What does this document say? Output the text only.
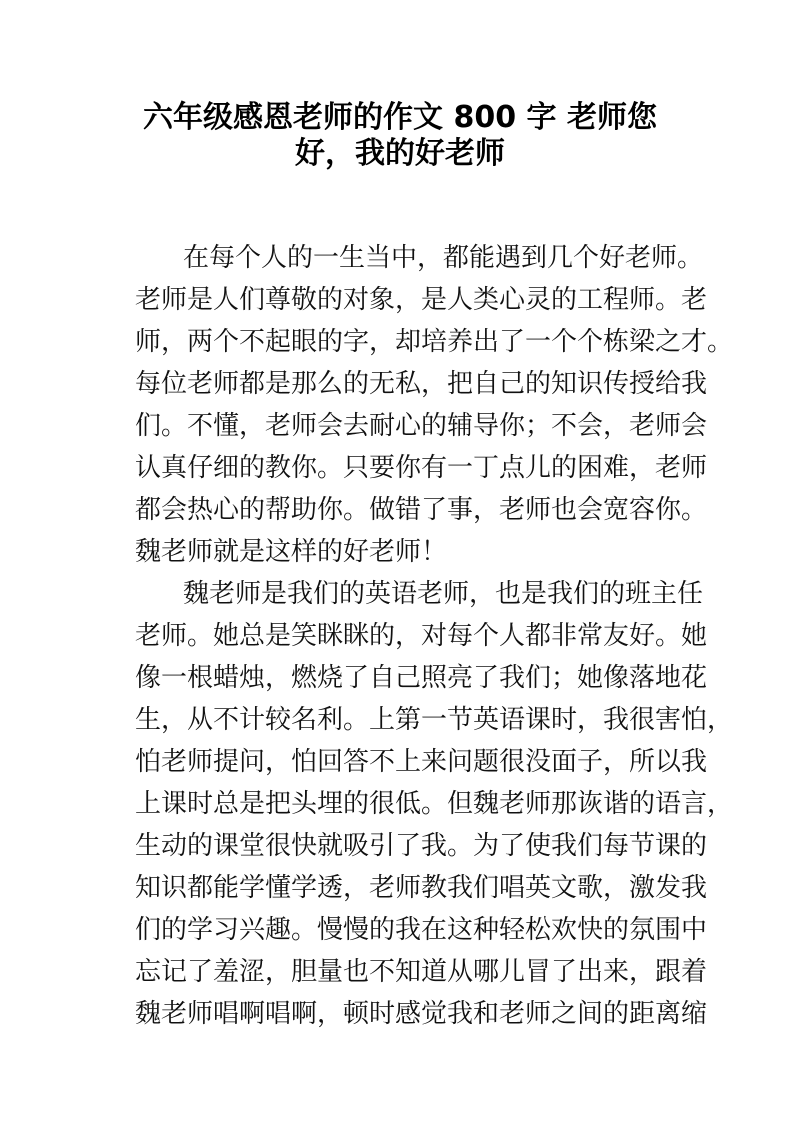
六年级感恩老师的作文 800 字 老师您
好，我的好老师
在每个人的一生当中，都能遇到几个好老师。
老师是人们尊敬的对象，是人类心灵的工程师。老
师，两个不起眼的字，却培养出了一个个栋梁之才。
每位老师都是那么的无私，把自己的知识传授给我
们。不懂，老师会去耐心的辅导你；不会，老师会
认真仔细的教你。只要你有一丁点儿的困难，老师
都会热心的帮助你。做错了事，老师也会宽容你。
魏老师就是这样的好老师！
魏老师是我们的英语老师，也是我们的班主任
老师。她总是笑眯眯的，对每个人都非常友好。她
像一根蜡烛，燃烧了自己照亮了我们；她像落地花
生，从不计较名利。上第一节英语课时，我很害怕，
怕老师提问，怕回答不上来问题很没面子，所以我
上课时总是把头埋的很低。但魏老师那诙谐的语言，
生动的课堂很快就吸引了我。为了使我们每节课的
知识都能学懂学透，老师教我们唱英文歌，激发我
们的学习兴趣。慢慢的我在这种轻松欢快的氛围中
忘记了羞涩，胆量也不知道从哪儿冒了出来，跟着
魏老师唱啊唱啊，顿时感觉我和老师之间的距离缩
